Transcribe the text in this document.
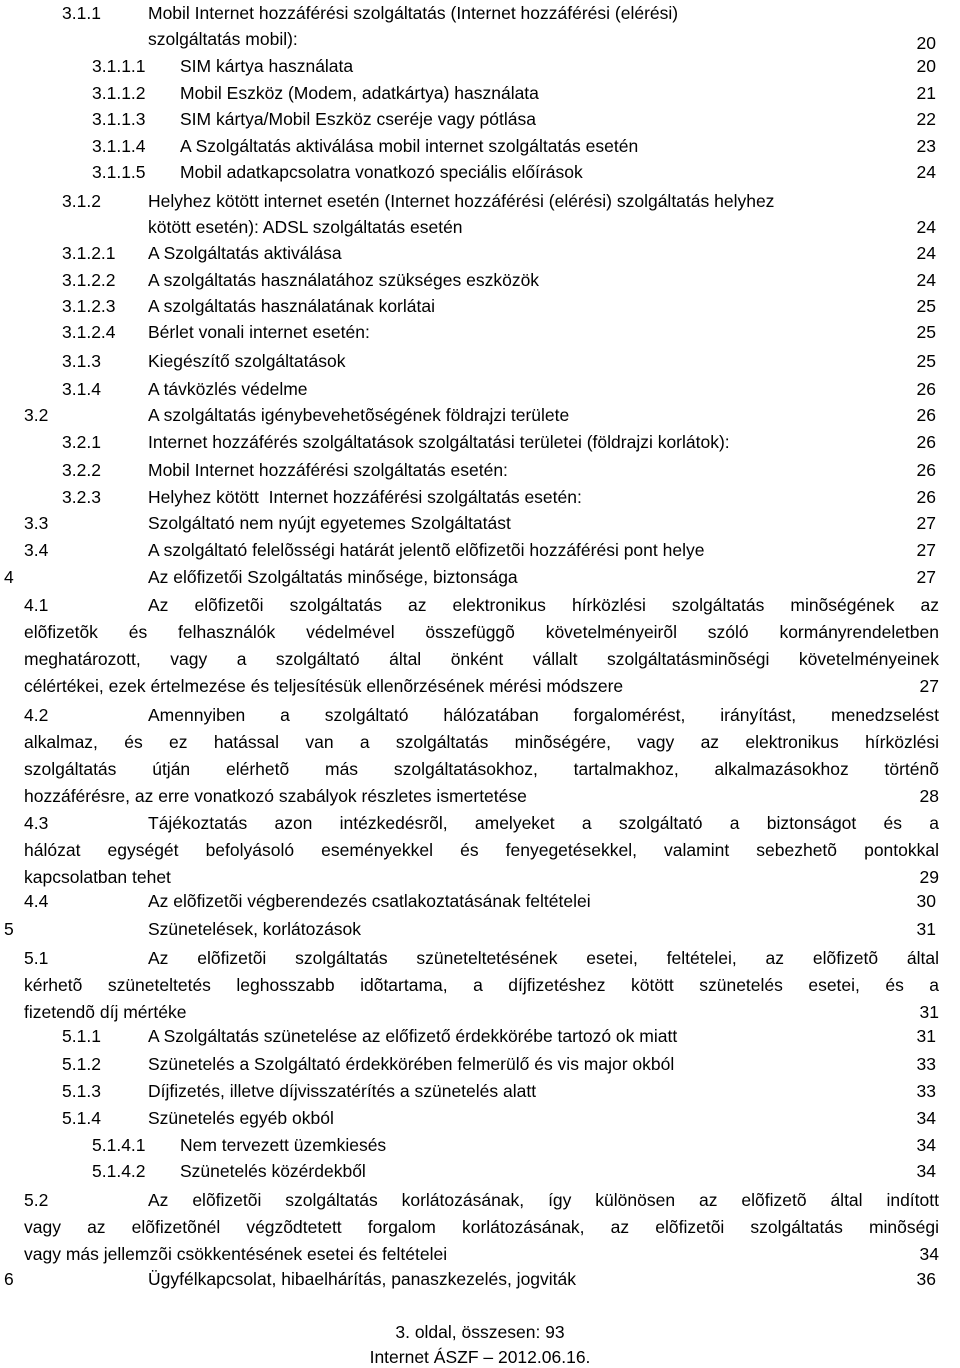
3.1.1	Mobil Internet hozzáférési szolgáltatás (Internet hozzáférési (elérési)
szolgáltatás mobil):	20
3.1.1.1 SIM kártya használata	20
3.1.1.2 Mobil Eszköz (Modem, adatkártya) használata	21
3.1.1.3 SIM kártya/Mobil Eszköz cseréje vagy pótlása	22
3.1.1.4 A Szolgáltatás aktiválása mobil internet szolgáltatás esetén	23
3.1.1.5 Mobil adatkapcsolatra vonatkozó speciális előírások	24
3.1.2	Helyhez kötött internet esetén (Internet hozzáférési (elérési) szolgáltatás helyhez
kötött esetén): ADSL szolgáltatás esetén	24
3.1.2.1 A Szolgáltatás aktiválása	24
3.1.2.2 A szolgáltatás használatához szükséges eszközök	24
3.1.2.3 A szolgáltatás használatának korlátai	25
3.1.2.4 Bérlet vonali internet esetén:	25
3.1.3	Kiegészítő szolgáltatások	25
3.1.4	A távközlés védelme	26
3.2	A szolgáltatás igénybevehetõségének földrajzi területe	26
3.2.1	Internet hozzáférés szolgáltatások szolgáltatási területei (földrajzi korlátok):	26
3.2.2	Mobil Internet hozzáférési szolgáltatás esetén:	26
3.2.3	Helyhez kötött  Internet hozzáférési szolgáltatás esetén:	26
3.3	Szolgáltató nem nyújt egyetemes Szolgáltatást	27
3.4	A szolgáltató felelõsségi határát jelentõ elõfizetõi hozzáférési pont helye	27
4	Az előfizetői Szolgáltatás minősége, biztonsága	27
4.1	Az elõfizetõi szolgáltatás az elektronikus hírközlési szolgáltatás minõségének az
elõfizetõk és felhasználók védelmével összefüggõ követelményeirõl szóló kormányrendeletben
meghatározott, vagy a szolgáltató által önként vállalt szolgáltatásminõségi követelményeinek
célértékei, ezek értelmezése és teljesítésük ellenõrzésének mérési módszere	27
4.2	Amennyiben a szolgáltató hálózatában forgalomérést, irányítást, menedzselést
alkalmaz, és ez hatással van a szolgáltatás minõségére, vagy az elektronikus hírközlési
szolgáltatás útján elérhetõ más szolgáltatásokhoz, tartalmakhoz, alkalmazásokhoz történõ
hozzáférésre, az erre vonatkozó szabályok részletes ismertetése	28
4.3	Tájékoztatás azon intézkedésrõl, amelyeket a szolgáltató a biztonságot és a
hálózat egységét befolyásoló eseményekkel és fenyegetésekkel, valamint sebezhetõ pontokkal
kapcsolatban tehet	29
4.4	Az elõfizetõi végberendezés csatlakoztatásának feltételei	30
5	Szünetelések, korlátozások	31
5.1	Az elõfizetõi szolgáltatás szüneteltetésének esetei, feltételei, az elõfizetõ által
kérhetõ szüneteltetés leghosszabb idõtartama, a díjfizetéshez kötött szünetelés esetei, és a
fizetendõ díj mértéke	31
5.1.1	A Szolgáltatás szünetelése az előfizető érdekkörébe tartozó ok miatt	31
5.1.2	Szünetelés a Szolgáltató érdekkörében felmerülő és vis major okból	33
5.1.3	Díjfizetés, illetve díjvisszatérítés a szünetelés alatt	33
5.1.4	Szünetelés egyéb okból	34
5.1.4.1 Nem tervezett üzemkiesés	34
5.1.4.2 Szünetelés közérdekből	34
5.2	Az elõfizetõi szolgáltatás korlátozásának, így különösen az elõfizetõ által indított
vagy az elõfizetõnél végzõdtetett forgalom korlátozásának, az elõfizetõi szolgáltatás minõségi
vagy más jellemzõi csökkentésének esetei és feltételei	34
6	Ügyfélkapcsolat, hibaelhárítás, panaszkezelés, jogviták	36
3. oldal, összesen: 93
Internet ÁSZF – 2012.06.16.
